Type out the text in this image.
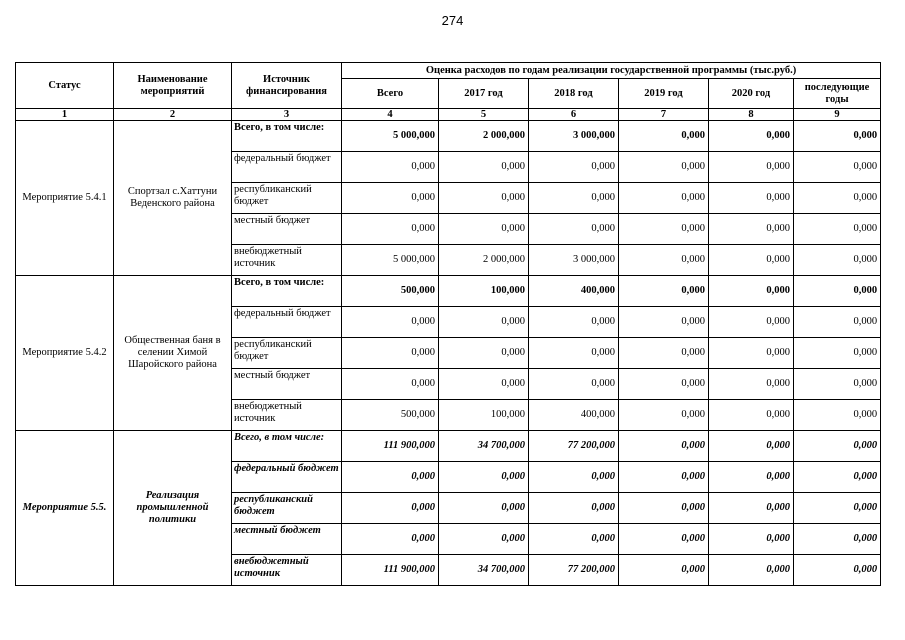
274
Статус	Наименование мероприятий	Источник финансирования	Оценка расходов по годам реализации государственной программы (тыс.руб.)					
			Всего	2017 год	2018 год	2019 год	2020 год	последующие годы
1	2	3	4	5	6	7	8	9
Мероприятие 5.4.1	Спортзал с.Хаттуни Веденского района	Всего, в том числе:	5 000,000	2 000,000	3 000,000	0,000	0,000	0,000
		федеральный бюджет	0,000	0,000	0,000	0,000	0,000	0,000
		республиканский бюджет	0,000	0,000	0,000	0,000	0,000	0,000
		местный бюджет	0,000	0,000	0,000	0,000	0,000	0,000
		внебюджетный источник	5 000,000	2 000,000	3 000,000	0,000	0,000	0,000
Мероприятие 5.4.2	Общественная баня в селении Химой Шаройского района	Всего, в том числе:	500,000	100,000	400,000	0,000	0,000	0,000
		федеральный бюджет	0,000	0,000	0,000	0,000	0,000	0,000
		республиканский бюджет	0,000	0,000	0,000	0,000	0,000	0,000
		местный бюджет	0,000	0,000	0,000	0,000	0,000	0,000
		внебюджетный источник	500,000	100,000	400,000	0,000	0,000	0,000
Мероприятие 5.5.	Реализация промышленной политики	Всего, в том числе:	111 900,000	34 700,000	77 200,000	0,000	0,000	0,000
		федеральный бюджет	0,000	0,000	0,000	0,000	0,000	0,000
		республиканский бюджет	0,000	0,000	0,000	0,000	0,000	0,000
		местный бюджет	0,000	0,000	0,000	0,000	0,000	0,000
		внебюджетный источник	111 900,000	34 700,000	77 200,000	0,000	0,000	0,000
